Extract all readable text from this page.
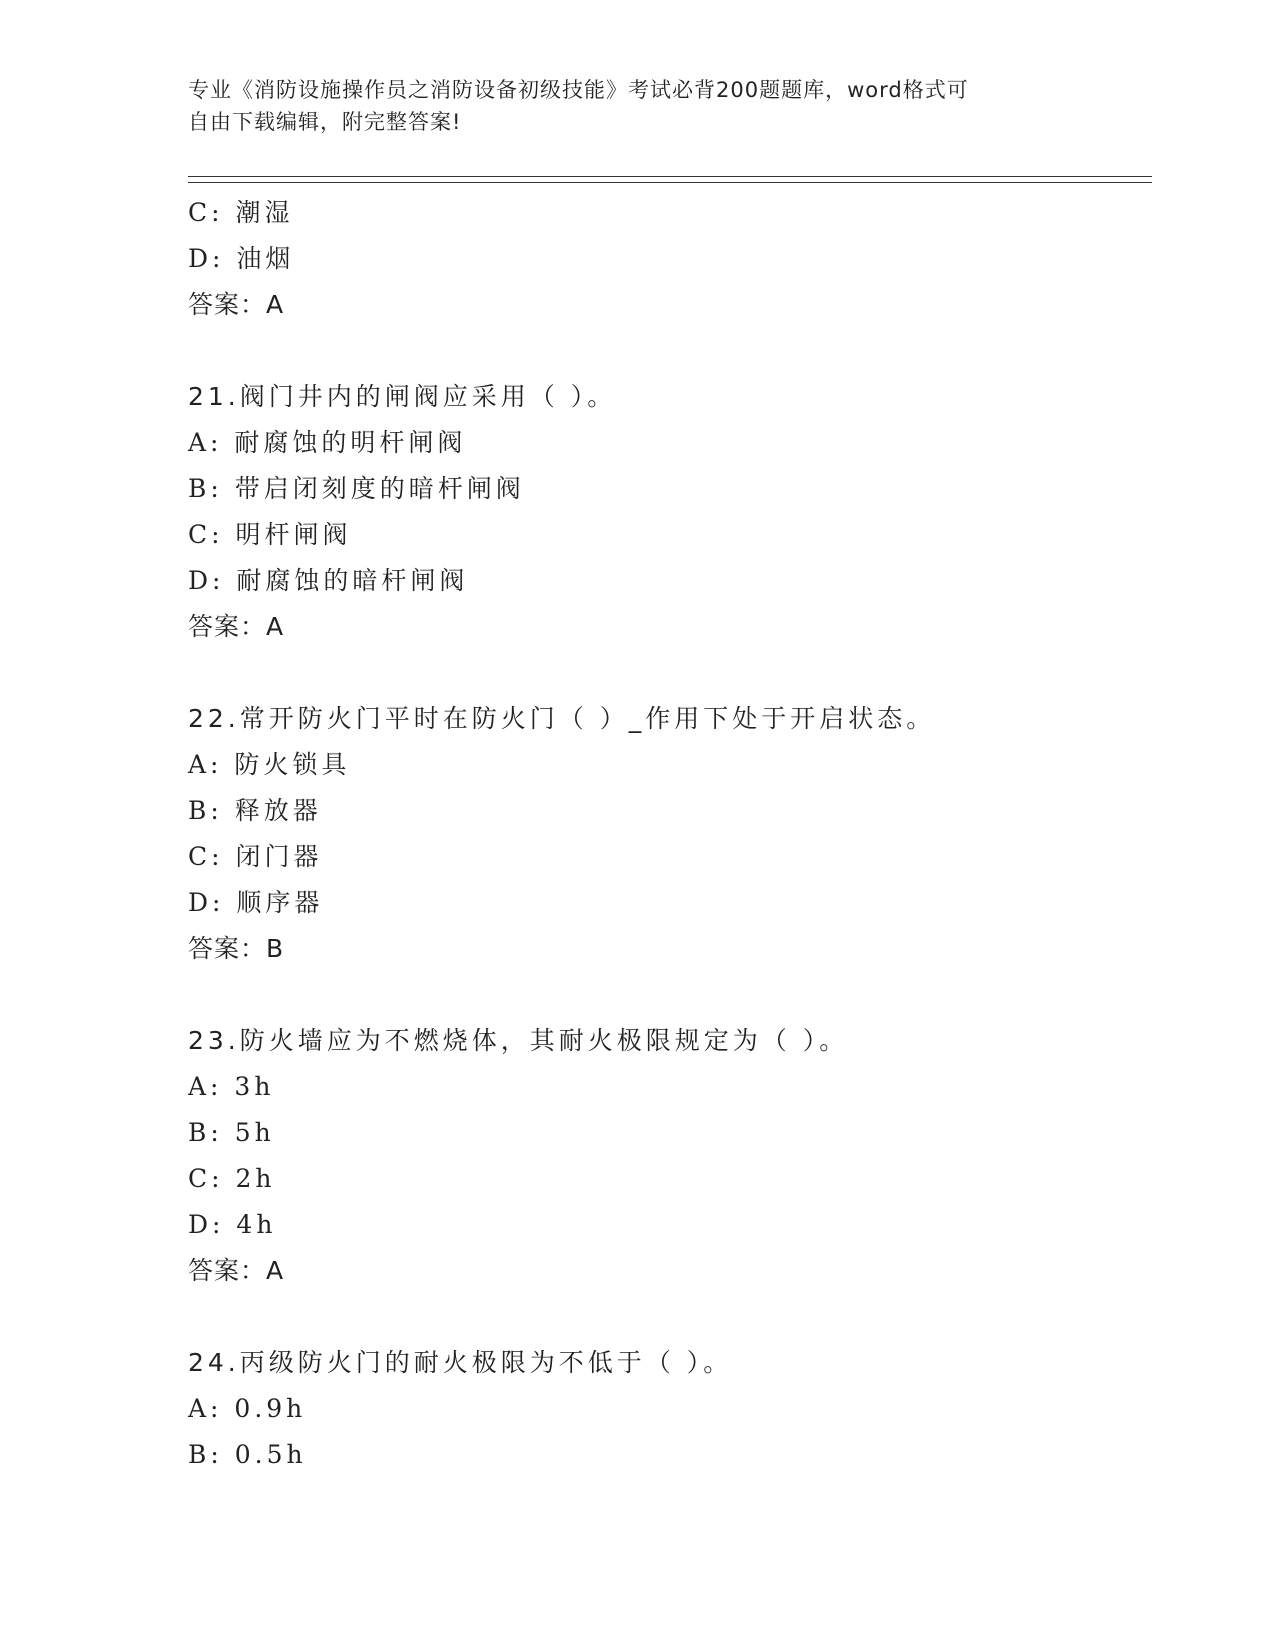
专业《消防设施操作员之消防设备初级技能》考试必背200题题库，word格式可
自由下载编辑，附完整答案!
C: 潮湿
D: 油烟
答案：A
21.阀门井内的闸阀应采用（ ）。
A: 耐腐蚀的明杆闸阀
B: 带启闭刻度的暗杆闸阀
C: 明杆闸阀
D: 耐腐蚀的暗杆闸阀
答案：A
22.常开防火门平时在防火门（ ）_作用下处于开启状态。
A: 防火锁具
B: 释放器
C: 闭门器
D: 顺序器
答案：B
23.防火墙应为不燃烧体，其耐火极限规定为（ ）。
A: 3h
B: 5h
C: 2h
D: 4h
答案：A
24.丙级防火门的耐火极限为不低于（ ）。
A: 0.9h
B: 0.5h
